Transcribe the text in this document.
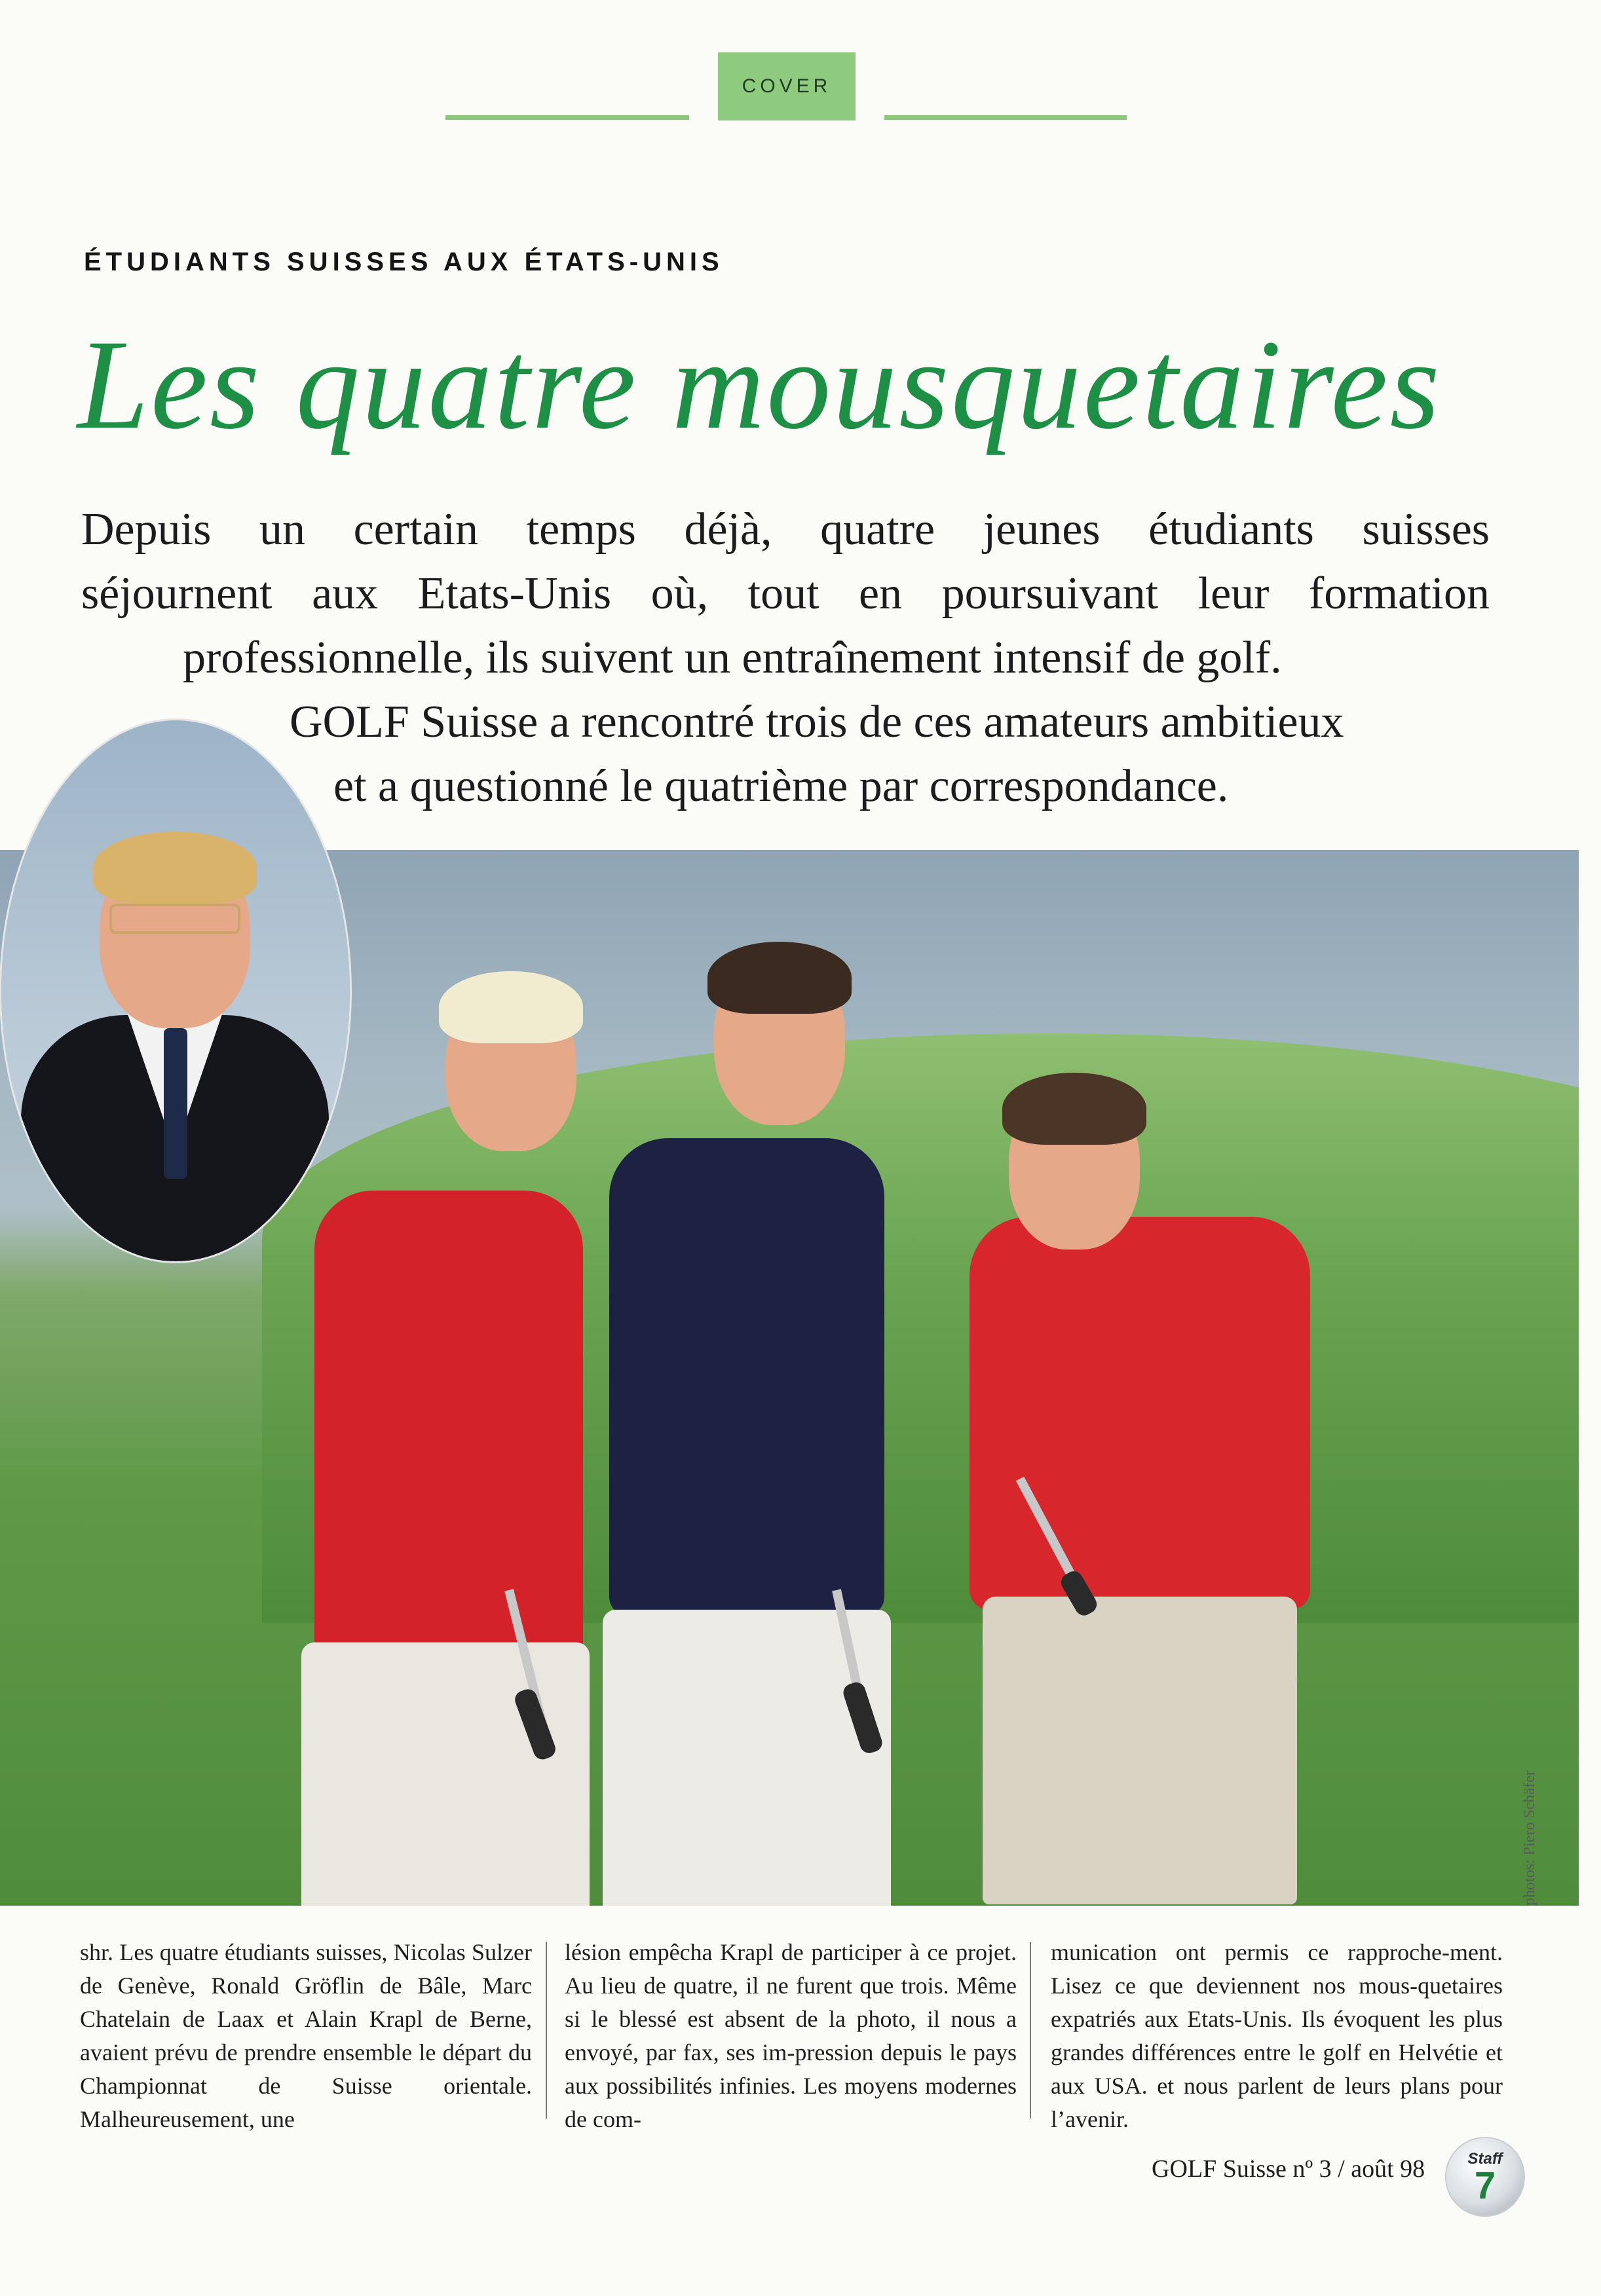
COVER
ÉTUDIANTS SUISSES AUX ÉTATS-UNIS
Les quatre mousquetaires
Depuis un certain temps déjà, quatre jeunes étudiants suisses
séjournent aux Etats-Unis où, tout en poursuivant leur formation
professionnelle, ils suivent un entraînement intensif de golf.
GOLF Suisse a rencontré trois de ces amateurs ambitieux
et a questionné le quatrième par correspondance.
photos: Piero Schäfer
shr. Les quatre étudiants suisses, Nicolas Sulzer de Genève, Ronald Gröflin de Bâle, Marc Chatelain de Laax et Alain Krapl de Berne, avaient prévu de prendre ensemble le départ du Championnat de Suisse orientale. Malheureusement, une
lésion empêcha Krapl de participer à ce projet. Au lieu de quatre, il ne furent que trois. Même si le blessé est absent de la photo, il nous a envoyé, par fax, ses im-pression depuis le pays aux possibilités infinies. Les moyens modernes de com-
munication ont permis ce rapproche-ment. Lisez ce que deviennent nos mous-quetaires expatriés aux Etats-Unis. Ils évoquent les plus grandes différences entre le golf en Helvétie et aux USA. et nous parlent de leurs plans pour l’avenir.
GOLF Suisse nº 3 / août 98	Staff
7
